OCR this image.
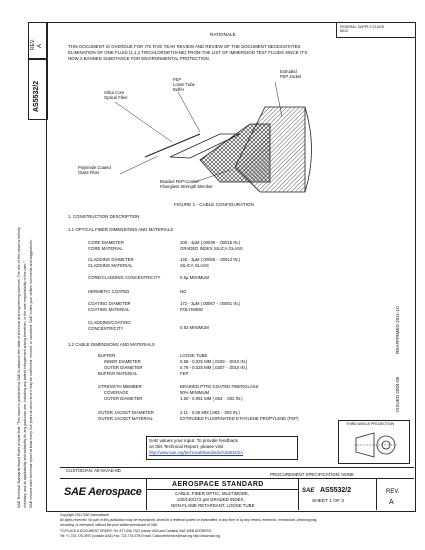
SAE Technical Standards Board Rules provide that: "This report is published by SAE to advance the state of technical and engineering sciences. The use of this report is entirely voluntary, and its applicability and suitability for any particular use, including any patent infringement arising therefrom, is the sole responsibility of the user." SAE reviews each technical report at least every five years at which time it may be reaffirmed, revised, or cancelled. SAE invites your written comments and suggestions.
REV. A
AS5532/2
FEDERAL SUPPLY CLASS
6010
RATIONALE
THIS DOCUMENT IS OVERDUE FOR ITS FIVE YEAR REVIEW AND REVIEW OF THE DOCUMENT NECESSITATES
ELIMINATION OF ONE FLUID (1,1,1 TRICHLOROETHANE) FROM THE LIST OF IMMERSION TEST FLUIDS SINCE IT'S
NOW A BANNED SUBSTANCE FOR ENVIRONMENTAL PROTECTION.
FEP
Loose Tube
Buffer
Extruded
FEP Jacket
Silica Core
Optical Fiber
Polyimide Coated
Glass Fiber
Braided FEP-Coated
Fiberglass Strength Member
FIGURE 1 - CABLE CONFIGURATION
1. CONSTRUCTION DESCRIPTION
1.1 OPTICAL FIBER DIMENSIONS AND MATERIALS
CORE DIAMETER	100 - 4µM (.00039 - .00016 IN.)
CORE MATERIAL	GRADED INDEX SILICA GLASS
CLADDING DIAMETER	140 - 3µM (.00055 - .00012 IN.)
CLADDING MATERIAL	SILICA GLASS
CORE/CLADDING CONCENTRICITY	0.5µ MINIMUM
HERMETIC COATED	NO
COATING DIAMETER	172 - 3µM (.00067 - .00001 IN.)
COATING MATERIAL	POLYIMIDE
CLADDING/COATING
CONCENTRICITY	0.92 MINIMUM
1.2 CABLE DIMENSIONS AND MATERIALS
BUFFER	LOOSE TUBE
INNER DIAMETER	0.58 - 0.025 MM (.0228 - .0010 IN.)
OUTER DIAMETER	0.78 - 0.025 MM (.0307 - .0010 IN.)
BUFFER MATERIAL	FEP
STRENGTH MEMBER	BRAIDED PTFE-COATED FIBERGLASS
COVERAGE	90% MINIMUM
OUTER DIAMETER	1.60 - 0.051 MM (.063 - .002 IN.)
OUTER JACKET DIAMETER	2.11 - 0.05 MM (.083 - .002 IN.)
OUTER JACKET MATERIAL	EXTRUDED FLUORINATED ETHYLENE PROPYLENE (FEP)
SAE values your input. To provide feedback
on this Technical Report, please visit
http://www.sae.org/technical/standards/AS5532/2A
THIRD ANGLE PROJECTION
ISSUED 2004-05
REAFFIRMED 2011-10
CUSTODIAN: AE-8A/AE-8D
PROCUREMENT SPECIFICATION: NONE
SAE Aerospace
AEROSPACE STANDARD
CABLE, FIBER OPTIC, MULTIMODE,
100/140/172 µM GRADED INDEX,
NON-FLAME RETARDANT, LOOSE TUBE
SAE AS5532/2
SHEET 1 OF 3
REV.
A
Copyright 2011 SAE International
All rights reserved. No part of this publication may be reproduced, stored in a retrieval system or transmitted, in any form or by any means, electronic, mechanical, photocopying,
recording, or otherwise, without the prior written permission of SAE.
TO PLACE A DOCUMENT ORDER: Tel: 877-606-7323 (inside USA and Canada) SAE WEB ADDRESS:
Tel: +1 724-776-4970 (outside USA) Fax: 724-776-0790 Email: CustomerService@sae.org http://www.sae.org
